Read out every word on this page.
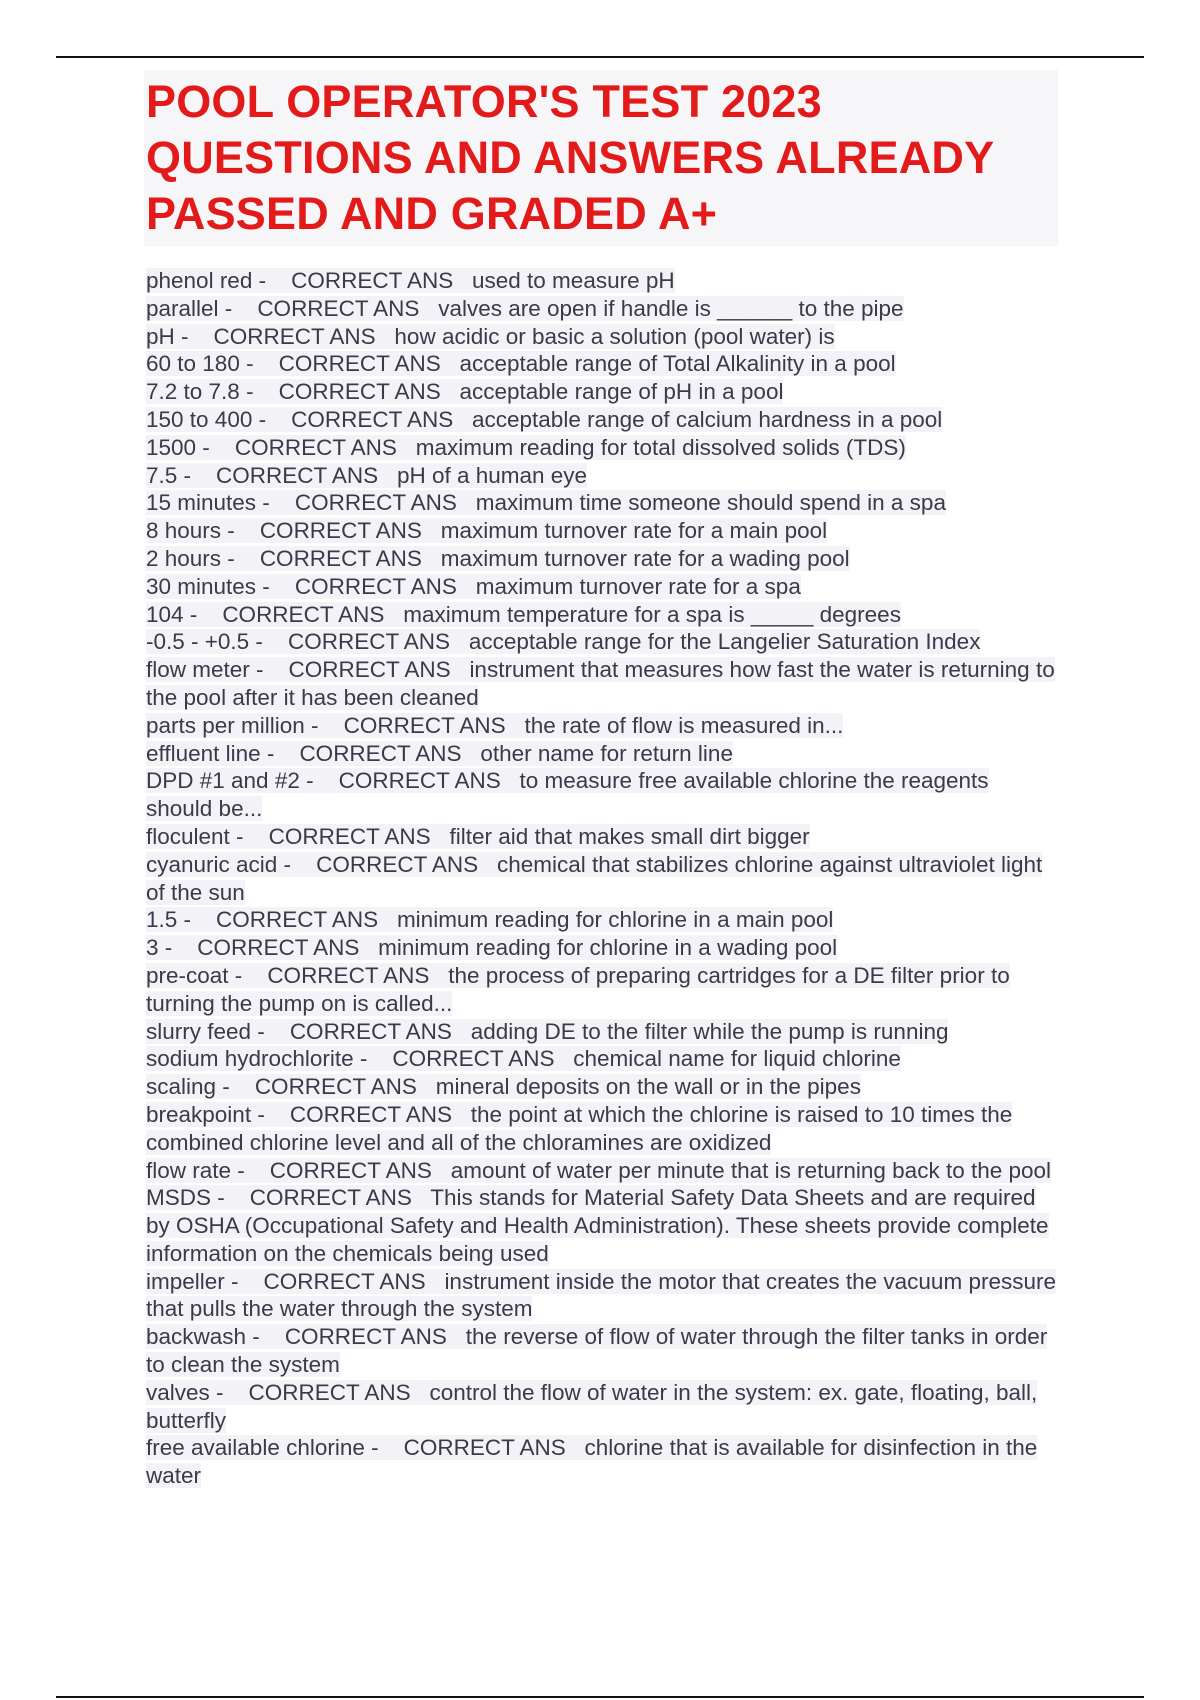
POOL OPERATOR'S TEST 2023
QUESTIONS AND ANSWERS ALREADY
PASSED AND GRADED A+
phenol red - CORRECT ANS used to measure pH
parallel - CORRECT ANS valves are open if handle is ______ to the pipe
pH - CORRECT ANS how acidic or basic a solution (pool water) is
60 to 180 - CORRECT ANS acceptable range of Total Alkalinity in a pool
7.2 to 7.8 - CORRECT ANS acceptable range of pH in a pool
150 to 400 - CORRECT ANS acceptable range of calcium hardness in a pool
1500 - CORRECT ANS maximum reading for total dissolved solids (TDS)
7.5 - CORRECT ANS pH of a human eye
15 minutes - CORRECT ANS maximum time someone should spend in a spa
8 hours - CORRECT ANS maximum turnover rate for a main pool
2 hours - CORRECT ANS maximum turnover rate for a wading pool
30 minutes - CORRECT ANS maximum turnover rate for a spa
104 - CORRECT ANS maximum temperature for a spa is _____ degrees
-0.5 - +0.5 - CORRECT ANS acceptable range for the Langelier Saturation Index
flow meter - CORRECT ANS instrument that measures how fast the water is returning to the pool after it has been cleaned
parts per million - CORRECT ANS the rate of flow is measured in...
effluent line - CORRECT ANS other name for return line
DPD #1 and #2 - CORRECT ANS to measure free available chlorine the reagents should be...
floculent - CORRECT ANS filter aid that makes small dirt bigger
cyanuric acid - CORRECT ANS chemical that stabilizes chlorine against ultraviolet light of the sun
1.5 - CORRECT ANS minimum reading for chlorine in a main pool
3 - CORRECT ANS minimum reading for chlorine in a wading pool
pre-coat - CORRECT ANS the process of preparing cartridges for a DE filter prior to turning the pump on is called...
slurry feed - CORRECT ANS adding DE to the filter while the pump is running
sodium hydrochlorite - CORRECT ANS chemical name for liquid chlorine
scaling - CORRECT ANS mineral deposits on the wall or in the pipes
breakpoint - CORRECT ANS the point at which the chlorine is raised to 10 times the combined chlorine level and all of the chloramines are oxidized
flow rate - CORRECT ANS amount of water per minute that is returning back to the pool
MSDS - CORRECT ANS This stands for Material Safety Data Sheets and are required by OSHA (Occupational Safety and Health Administration). These sheets provide complete information on the chemicals being used
impeller - CORRECT ANS instrument inside the motor that creates the vacuum pressure that pulls the water through the system
backwash - CORRECT ANS the reverse of flow of water through the filter tanks in order to clean the system
valves - CORRECT ANS control the flow of water in the system: ex. gate, floating, ball, butterfly
free available chlorine - CORRECT ANS chlorine that is available for disinfection in the water
